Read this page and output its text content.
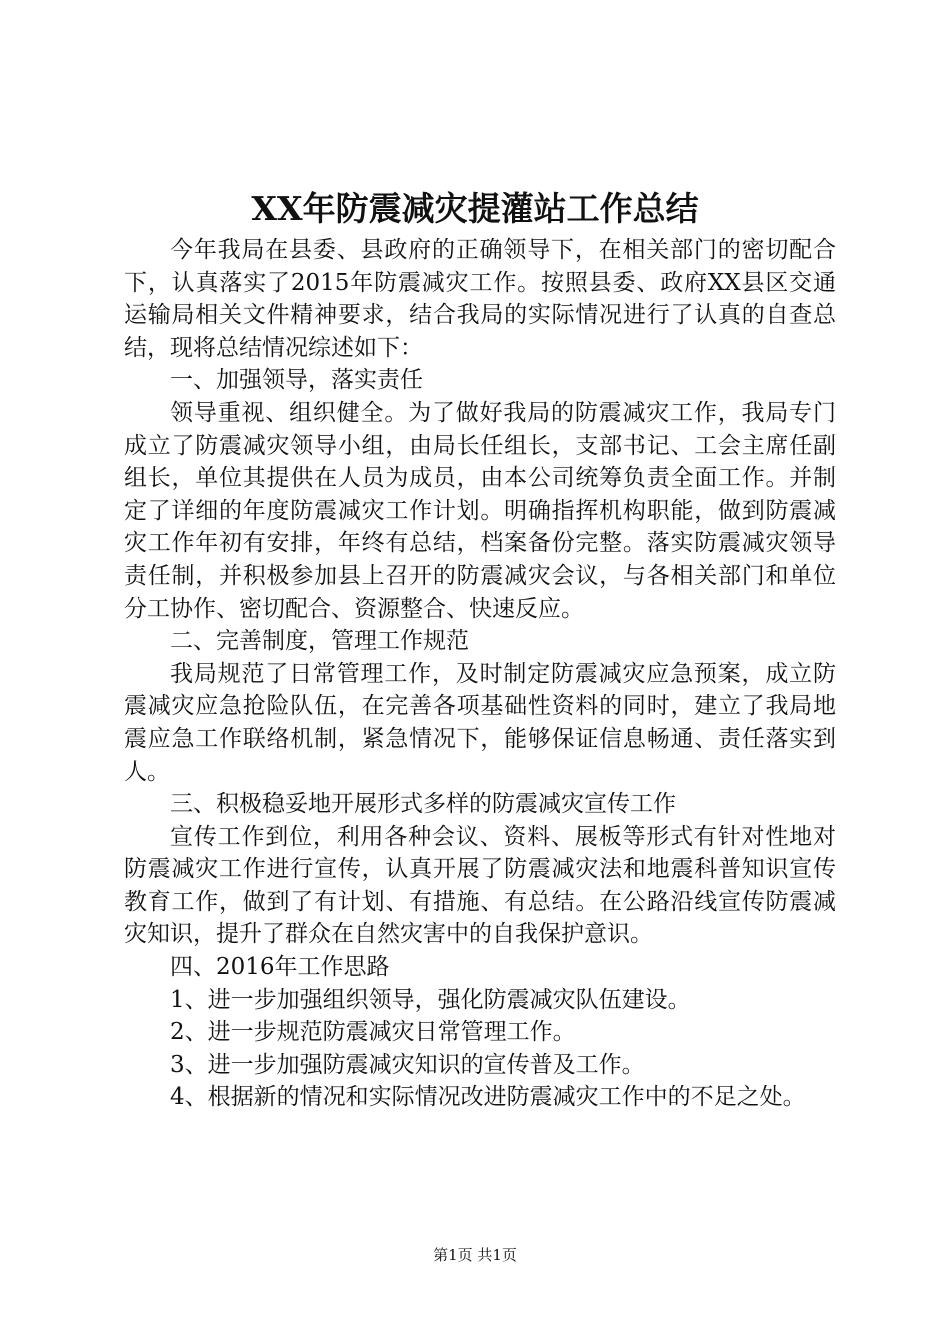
XX年防震减灾提灌站工作总结

今年我局在县委、县政府的正确领导下，在相关部门的密切配合下，认真落实了2015年防震减灾工作。按照县委、政府XX县区交通运输局相关文件精神要求，结合我局的实际情况进行了认真的自查总结，现将总结情况综述如下：

一、加强领导，落实责任

领导重视、组织健全。为了做好我局的防震减灾工作，我局专门成立了防震减灾领导小组，由局长任组长，支部书记、工会主席任副组长，单位其提供在人员为成员，由本公司统筹负责全面工作。并制定了详细的年度防震减灾工作计划。明确指挥机构职能，做到防震减灾工作年初有安排，年终有总结，档案备份完整。落实防震减灾领导责任制，并积极参加县上召开的防震减灾会议，与各相关部门和单位分工协作、密切配合、资源整合、快速反应。

二、完善制度，管理工作规范

我局规范了日常管理工作，及时制定防震减灾应急预案，成立防震减灾应急抢险队伍，在完善各项基础性资料的同时，建立了我局地震应急工作联络机制，紧急情况下，能够保证信息畅通、责任落实到人。

三、积极稳妥地开展形式多样的防震减灾宣传工作

宣传工作到位，利用各种会议、资料、展板等形式有针对性地对防震减灾工作进行宣传，认真开展了防震减灾法和地震科普知识宣传教育工作，做到了有计划、有措施、有总结。在公路沿线宣传防震减灾知识，提升了群众在自然灾害中的自我保护意识。

四、2016年工作思路

1、进一步加强组织领导，强化防震减灾队伍建设。

2、进一步规范防震减灾日常管理工作。

3、进一步加强防震减灾知识的宣传普及工作。

4、根据新的情况和实际情况改进防震减灾工作中的不足之处。

第1页 共1页
